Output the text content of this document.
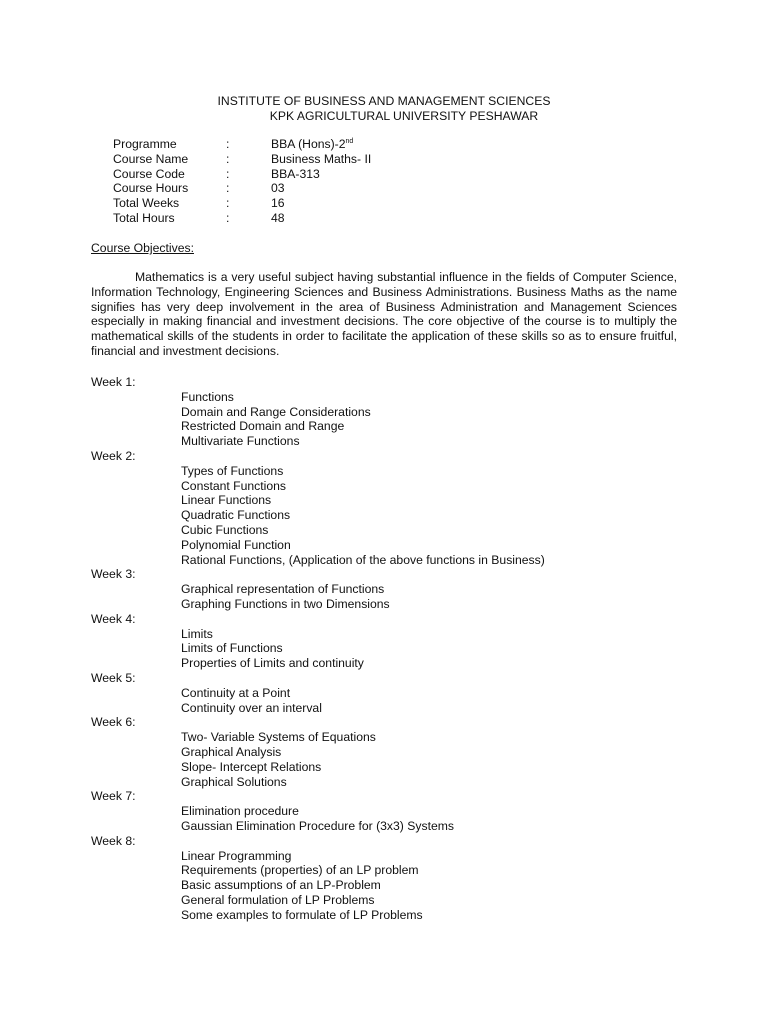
INSTITUTE OF BUSINESS AND MANAGEMENT SCIENCES
KPK AGRICULTURAL UNIVERSITY PESHAWAR
Programme	:	BBA (Hons)-2nd
Course Name	:	Business Maths- II
Course Code	:	BBA-313
Course Hours	:	03
Total Weeks	:	16
Total Hours	:	48
Course Objectives:

Mathematics is a very useful subject having substantial influence in the fields of Computer Science, Information Technology, Engineering Sciences and Business Administrations. Business Maths as the name signifies has very deep involvement in the area of Business Administration and Management Sciences especially in making financial and investment decisions. The core objective of the course is to multiply the mathematical skills of the students in order to facilitate the application of these skills so as to ensure fruitful, financial and investment decisions.

Week 1:
Functions
Domain and Range Considerations
Restricted Domain and Range
Multivariate Functions
Week 2:
Types of Functions
Constant Functions
Linear Functions
Quadratic Functions
Cubic Functions
Polynomial Function
Rational Functions, (Application of the above functions in Business)
Week 3:
Graphical representation of Functions
Graphing Functions in two Dimensions
Week 4:
Limits
Limits of Functions
Properties of Limits and continuity
Week 5:
Continuity at a Point
Continuity over an interval
Week 6:
Two- Variable Systems of Equations
Graphical Analysis
Slope- Intercept Relations
Graphical Solutions
Week 7:
Elimination procedure
Gaussian Elimination Procedure for (3x3) Systems
Week 8:
Linear Programming
Requirements (properties) of an LP problem
Basic assumptions of an LP-Problem
General formulation of LP Problems
Some examples to formulate of LP Problems
